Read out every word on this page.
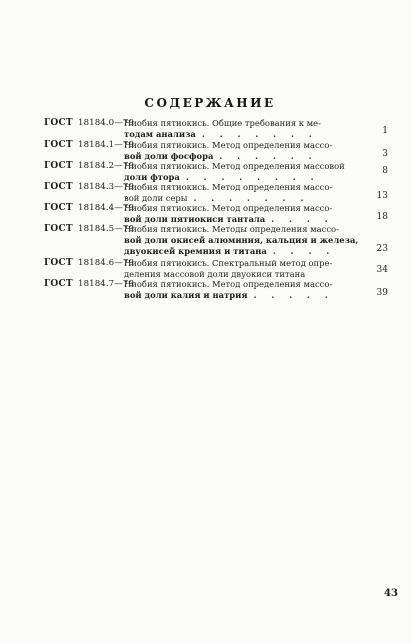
СОДЕРЖАНИЕ
ГОСТ 18184.0—79
Ниобия пятиокись. Общие требования к ме-
тодам анализа . . . . . . .	1
ГОСТ 18184.1—79
Ниобия пятиокись. Метод определения массо-
вой доли фосфора . . . . . .	3
ГОСТ 18184.2—79
Ниобия пятиокись. Метод определения массовой
доли фтора . . . . . . . .
8
ГОСТ 18184.3—79
Ниобия пятиокись. Метод определения массо-
вой доли серы . . . . . . .	13
ГОСТ 18184.4—79
Ниобия пятиокись. Метод определения массо-
вой доли пятиокиси тантала . . . .	18
ГОСТ 18184.5—79
Ниобия пятиокись. Методы определения массо-
вой доли окисей алюминия, кальция и железа,
двуокисей кремния и титана . . . .	23
ГОСТ 18184.6—79
Ниобия пятиокись. Спектральный метод опре-
деления массовой доли двуокиси титана	34
ГОСТ 18184.7—79
Ниобия пятиокись. Метод определения массо-
вой доли калия и натрия . . . . .	39
43
